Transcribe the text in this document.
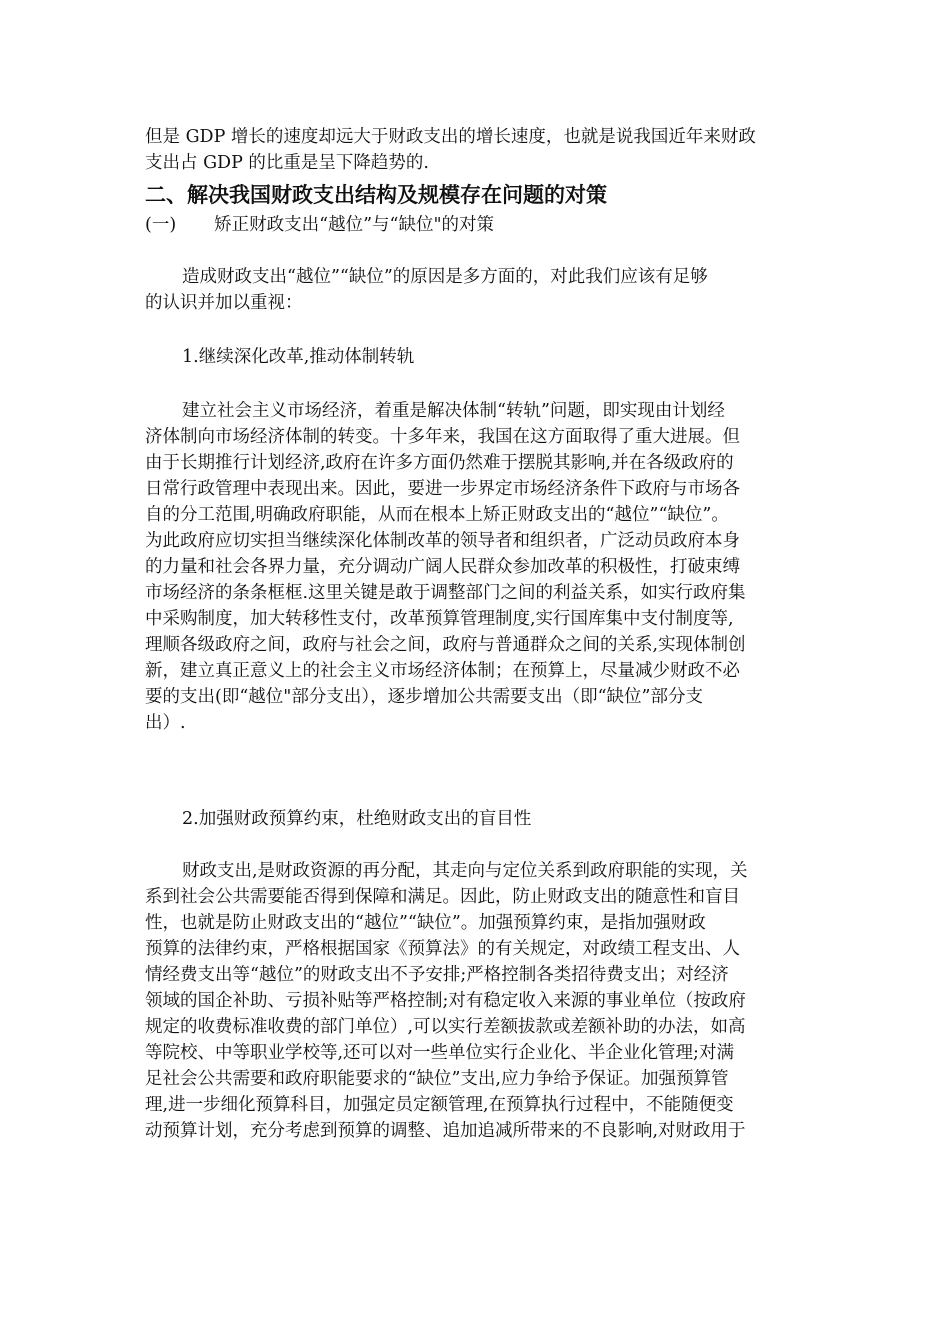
但是 GDP 增长的速度却远大于财政支出的增长速度，也就是说我国近年来财政
支出占 GDP 的比重是呈下降趋势的.
二、解决我国财政支出结构及规模存在问题的对策
(一) 矫正财政支出“越位”与“缺位"的对策
造成财政支出“越位”“缺位”的原因是多方面的，对此我们应该有足够
的认识并加以重视：
1.继续深化改革,推动体制转轨
建立社会主义市场经济，着重是解决体制“转轨”问题，即实现由计划经
济体制向市场经济体制的转变。十多年来，我国在这方面取得了重大进展。但
由于长期推行计划经济,政府在许多方面仍然难于摆脱其影响,并在各级政府的
日常行政管理中表现出来。因此，要进一步界定市场经济条件下政府与市场各
自的分工范围,明确政府职能，从而在根本上矫正财政支出的“越位”“缺位”。
为此政府应切实担当继续深化体制改革的领导者和组织者，广泛动员政府本身
的力量和社会各界力量，充分调动广阔人民群众参加改革的积极性，打破束缚
市场经济的条条框框.这里关键是敢于调整部门之间的利益关系，如实行政府集
中采购制度，加大转移性支付，改革预算管理制度,实行国库集中支付制度等,
理顺各级政府之间，政府与社会之间，政府与普通群众之间的关系,实现体制创
新，建立真正意义上的社会主义市场经济体制；在预算上，尽量减少财政不必
要的支出(即“越位"部分支出），逐步增加公共需要支出（即“缺位”部分支
出）.
2.加强财政预算约束，杜绝财政支出的盲目性
财政支出,是财政资源的再分配，其走向与定位关系到政府职能的实现，关
系到社会公共需要能否得到保障和满足。因此，防止财政支出的随意性和盲目
性，也就是防止财政支出的“越位”“缺位”。加强预算约束，是指加强财政
预算的法律约束，严格根据国家《预算法》的有关规定，对政绩工程支出、人
情经费支出等“越位”的财政支出不予安排;严格控制各类招待费支出；对经济
领域的国企补助、亏损补贴等严格控制;对有稳定收入来源的事业单位（按政府
规定的收费标准收费的部门单位）,可以实行差额拔款或差额补助的办法，如高
等院校、中等职业学校等,还可以对一些单位实行企业化、半企业化管理;对满
足社会公共需要和政府职能要求的“缺位”支出,应力争给予保证。加强预算管
理,进一步细化预算科目，加强定员定额管理,在预算执行过程中，不能随便变
动预算计划，充分考虑到预算的调整、追加追减所带来的不良影响,对财政用于
